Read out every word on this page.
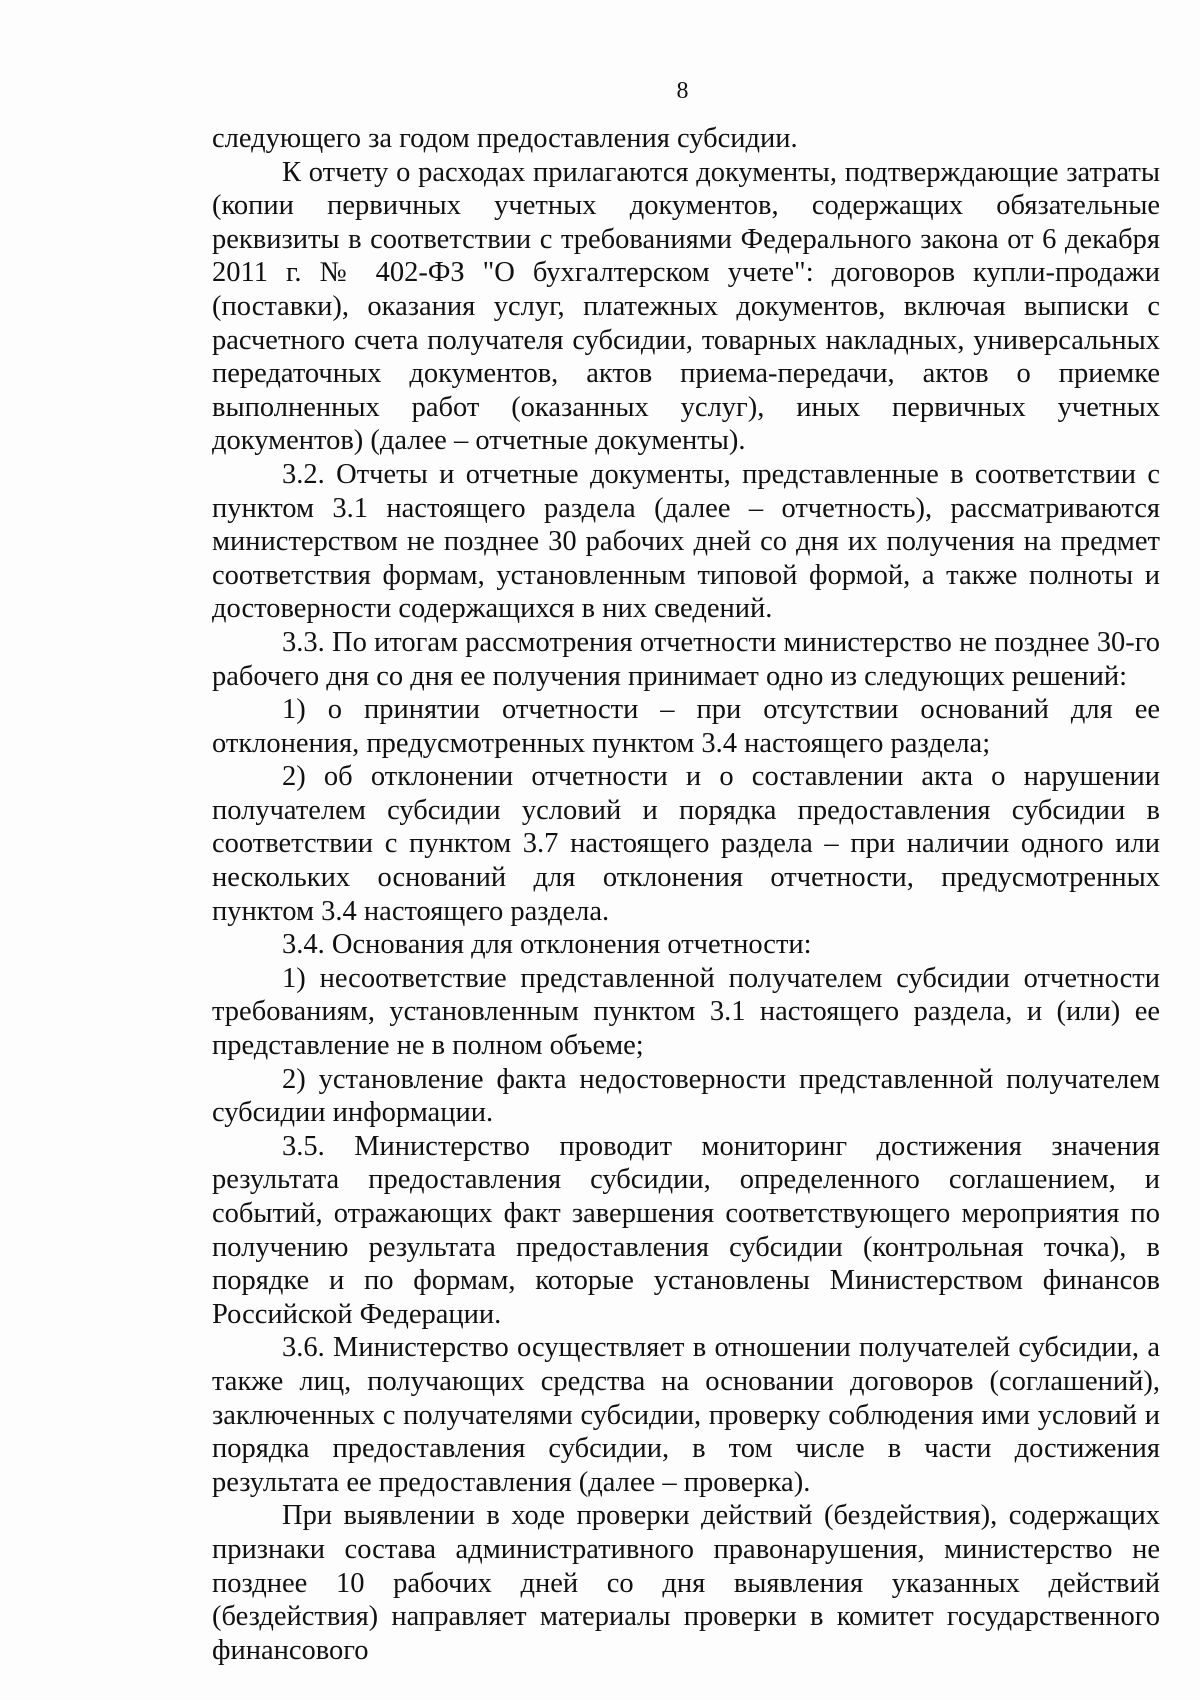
8

следующего за годом предоставления субсидии.

К отчету о расходах прилагаются документы, подтверждающие затраты (копии первичных учетных документов, содержащих обязательные реквизиты в соответствии с требованиями Федерального закона от 6 декабря 2011 г. № 402-ФЗ "О бухгалтерском учете": договоров купли-продажи (поставки), оказания услуг, платежных документов, включая выписки с расчетного счета получателя субсидии, товарных накладных, универсальных передаточных документов, актов приема-передачи, актов о приемке выполненных работ (оказанных услуг), иных первичных учетных документов) (далее – отчетные документы).

3.2. Отчеты и отчетные документы, представленные в соответствии с пунктом 3.1 настоящего раздела (далее – отчетность), рассматриваются министерством не позднее 30 рабочих дней со дня их получения на предмет соответствия формам, установленным типовой формой, а также полноты и достоверности содержащихся в них сведений.

3.3. По итогам рассмотрения отчетности министерство не позднее 30-го рабочего дня со дня ее получения принимает одно из следующих решений:

1) о принятии отчетности – при отсутствии оснований для ее отклонения, предусмотренных пунктом 3.4 настоящего раздела;

2) об отклонении отчетности и о составлении акта о нарушении получателем субсидии условий и порядка предоставления субсидии в соответствии с пунктом 3.7 настоящего раздела – при наличии одного или нескольких оснований для отклонения отчетности, предусмотренных пунктом 3.4 настоящего раздела.

3.4. Основания для отклонения отчетности:

1) несоответствие представленной получателем субсидии отчетности требованиям, установленным пунктом 3.1 настоящего раздела, и (или) ее представление не в полном объеме;

2) установление факта недостоверности представленной получателем субсидии информации.

3.5. Министерство проводит мониторинг достижения значения результата предоставления субсидии, определенного соглашением, и событий, отражающих факт завершения соответствующего мероприятия по получению результата предоставления субсидии (контрольная точка), в порядке и по формам, которые установлены Министерством финансов Российской Федерации.

3.6. Министерство осуществляет в отношении получателей субсидии, а также лиц, получающих средства на основании договоров (соглашений), заключенных с получателями субсидии, проверку соблюдения ими условий и порядка предоставления субсидии, в том числе в части достижения результата ее предоставления (далее – проверка).

При выявлении в ходе проверки действий (бездействия), содержащих признаки состава административного правонарушения, министерство не позднее 10 рабочих дней со дня выявления указанных действий (бездействия) направляет материалы проверки в комитет государственного финансового
